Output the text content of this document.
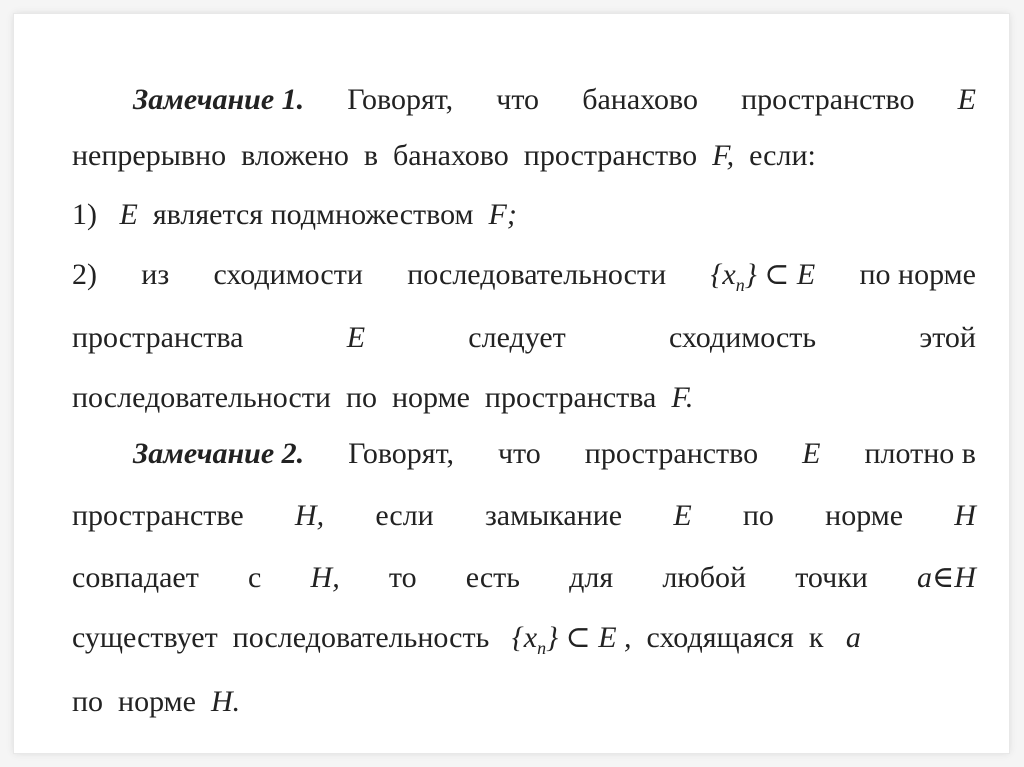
Замечание 1. Говорят, что банахово пространство E
непрерывно вложено в банахово пространство F, если:
1) E является подмножеством F;
2) из сходимости последовательности $\{x_n\}$ ⊂ E по норме
пространства	E	следует	сходимость	этой
последовательности  по  норме  пространства F.
Замечание 2. Говорят, что пространство E плотно в
пространстве H, если замыкание E по норме H
совпадает с H, то есть для любой точки a∈H
существует  последовательность $\{x_n\}$ ⊂ E , сходящаяся  к a
по  норме H.
